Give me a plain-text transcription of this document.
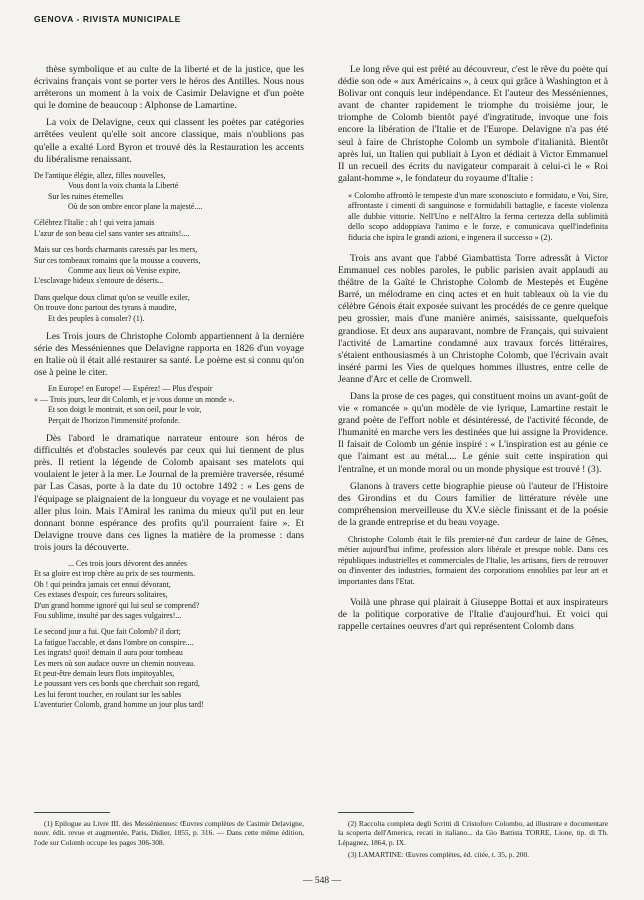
GENOVA - RIVISTA MUNICIPALE

thèse symbolique et au culte de la liberté et de la justice, que les écrivains français vont se porter vers le héros des Antilles. Nous nous arrêterons un moment à la voix de Casimir Delavigne et d'un poète qui le domine de beaucoup : Alphonse de Lamartine.

La voix de Delavigne, ceux qui classent les poètes par catégories arrêtées veulent qu'elle soit ancore classique, mais n'oublions pas qu'elle a exalté Lord Byron et trouvé dès la Restauration les accents du libéralisme renaissant.

De l'antique élégie, allez, filles nouvelles,
Vous dont la voix chanta la Liberté
Sur les ruines éternelles
Où de son ombre encor plane la majesté....
Célébrez l'Italie : ah ! qui vetra jamais
L'azur de son beau ciel sans vanter ses attraits!....
Mais sur ces bords charmants caressés par les mers,
Sur ces tombeaux romains que la mousse a couverts,
Comme aux lieux où Venise expire,
L'esclavage hideux s'entoure de déserts...
Dans quelque doux climat qu'on se veuille exiler,
On trouve donc partout des tyrans à maudire,
Et des peuples à consoler? (1).

Les Trois jours de Christophe Colomb appartiennent à la dernière série des Messéniennes que Delavigne rapporta en 1826 d'un voyage en Italie où il était allé restaurer sa santé. Le poème est si connu qu'on ose à peine le citer.

En Europe! en Europe! — Espérez! — Plus d'espoir
« — Trois jours, leur dit Colomb, et je vous donne un monde ».
Et son doigt le montrait, et son oeil, pour le voir,
Perçait de l'horizon l'immensité profonde.

Dès l'abord le dramatique narrateur entoure son héros de difficultés et d'obstacles soulevés par ceux qui lui tiennent de plus près. Il retient la légende de Colomb apaisant ses matelots qui voulaient le jeter à la mer. Le Journal de la première traversée, résumé par Las Casas, porte à la date du 10 octobre 1492 : « Les gens de l'équipage se plaignaient de la longueur du voyage et ne voulaient pas aller plus loin. Mais l'Amiral les ranima du mieux qu'il put en leur donnant bonne espérance des profits qu'il pourraient faire ». Et Delavigne trouve dans ces lignes la matière de la promesse : dans trois jours la découverte.

... Ces trois jours dévorent des années
Et sa gloire est trop chère au prix de ses tourments.
Oh ! qui peindra jamais cet ennui dévorant,
Ces extases d'espoir, ces fureurs solitaires,
D'un grand homme ignoré qui lui seul se comprend?
Fou sublime, insulté par des sages vulgaires!...
Le second jour a fui. Que fait Colomb? il dort;
La fatigue l'accable, et dans l'ombre on conspire....
Les ingrats! quoi! demain il aura pour tombeau
Les mers où son audace ouvre un chemin nouveau.
Et peut-être demain leurs flots impitoyables,
Le poussant vers ces bords que cherchait son regard,
Les lui feront toucher, en roulant sur les sables
L'aventurier Colomb, grand homme un jour plus tard!

Le long rêve qui est prêté au découvreur, c'est le rêve du poète qui dédie son ode « aux Américains », à ceux qui grâce à Washington et à Bolivar ont conquis leur indépendance. Et l'auteur des Messéniennes, avant de chanter rapidement le triomphe du troisième jour, le triomphe de Colomb bientôt payé d'ingratitude, invoque une fois encore la libération de l'Italie et de l'Europe. Delavigne n'a pas été seul à faire de Christophe Colomb un symbole d'italianità. Bientôt après lui, un Italien qui publiait à Lyon et dédiait à Victor Emmanuel II un recueil des écrits du navigateur comparait à celui-ci le « Roi galant-homme », le fondateur du royaume d'Italie :

« Colombo affrontò le tempeste d'un mare sconosciuto e formidato, e Voi, Sire, affrontaste i cimenti di sanguinose e formidabili battaglie, e faceste violenza alle dubbie vittorie. Nell'Uno e nell'Altro la ferma certezza della sublimità dello scopo addoppiava l'animo e le forze, e comunicava quell'indefinita fiducia che ispira le grandi azioni, e ingenera il successo » (2).

Trois ans avant que l'abbé Giambattista Torre adressât à Victor Emmanuel ces nobles paroles, le public parisien avait applaudi au théâtre de la Gaîté le Christophe Colomb de Mestepès et Eugène Barré, un mélodrame en cinq actes et en huit tableaux où la vie du célèbre Génois était exposée suivant les procédés de ce genre quelque peu grossier, mais d'une manière animés, saisissante, quelquefois grandiose. Et deux ans auparavant, nombre de Français, qui suivaient l'activité de Lamartine condamné aux travaux forcés littéraires, s'étaient enthousiasmés à un Christophe Colomb, que l'écrivain avait inséré parmi les Vies de quelques hommes illustres, entre celle de Jeanne d'Arc et celle de Cromwell.

Dans la prose de ces pages, qui constituent moins un avant-goût de vie « romancée » qu'un modèle de vie lyrique, Lamartine restait le grand poète de l'effort noble et désintéressé, de l'activité féconde, de l'humanité en marche vers les destinées que lui assigne la Providence. Il faisait de Colomb un génie inspiré : « L'inspiration est au génie ce que l'aimant est au métal.... Le génie suit cette inspiration qui l'entraîne, et un monde moral ou un monde physique est trouvé ! (3).

Glanons à travers cette biographie pieuse où l'auteur de l'Histoire des Girondins et du Cours familier de littérature révèle une compréhension merveilleuse du XV.e siècle finissant et de la poésie de la grande entreprise et du beau voyage.

Christophe Colomb était le fils premier-né d'un cardeur de laine de Gênes, métier aujourd'hui infime, profession alors libérale et presque noble. Dans ces républiques industrielles et commerciales de l'Italie, les artisans, fiers de retrouver ou d'inventer des industries, formaient des corporations ennoblies par leur art et importantes dans l'Etat.

Voilà une phrase qui plairait à Giuseppe Bottai et aux inspirateurs de la politique corporative de l'Italie d'aujourd'hui. Et voici qui rappelle certaines oeuvres d'art qui représentent Colomb dans

(1) Epilogue au Livre III. des Messéniennes: Œuvres complètes de Casimir Delavigne, nouv. édit. revue et augmentée, Paris, Didier, 1855, p. 316. — Dans cette même édition, l'ode sur Colomb occupe les pages 306-308.
(2) Raccolta completa degli Scritti di Cristoforo Colombo, ad illustrare e documentare la scoperta dell'America, recati in italiano... da Gio Battista TORRE, Lione, tip. di Th. Lépagnez, 1864, p. IX.
(3) LAMARTINE: Œuvres complètes, éd. citée, t. 35, p. 200.
— 548 —
